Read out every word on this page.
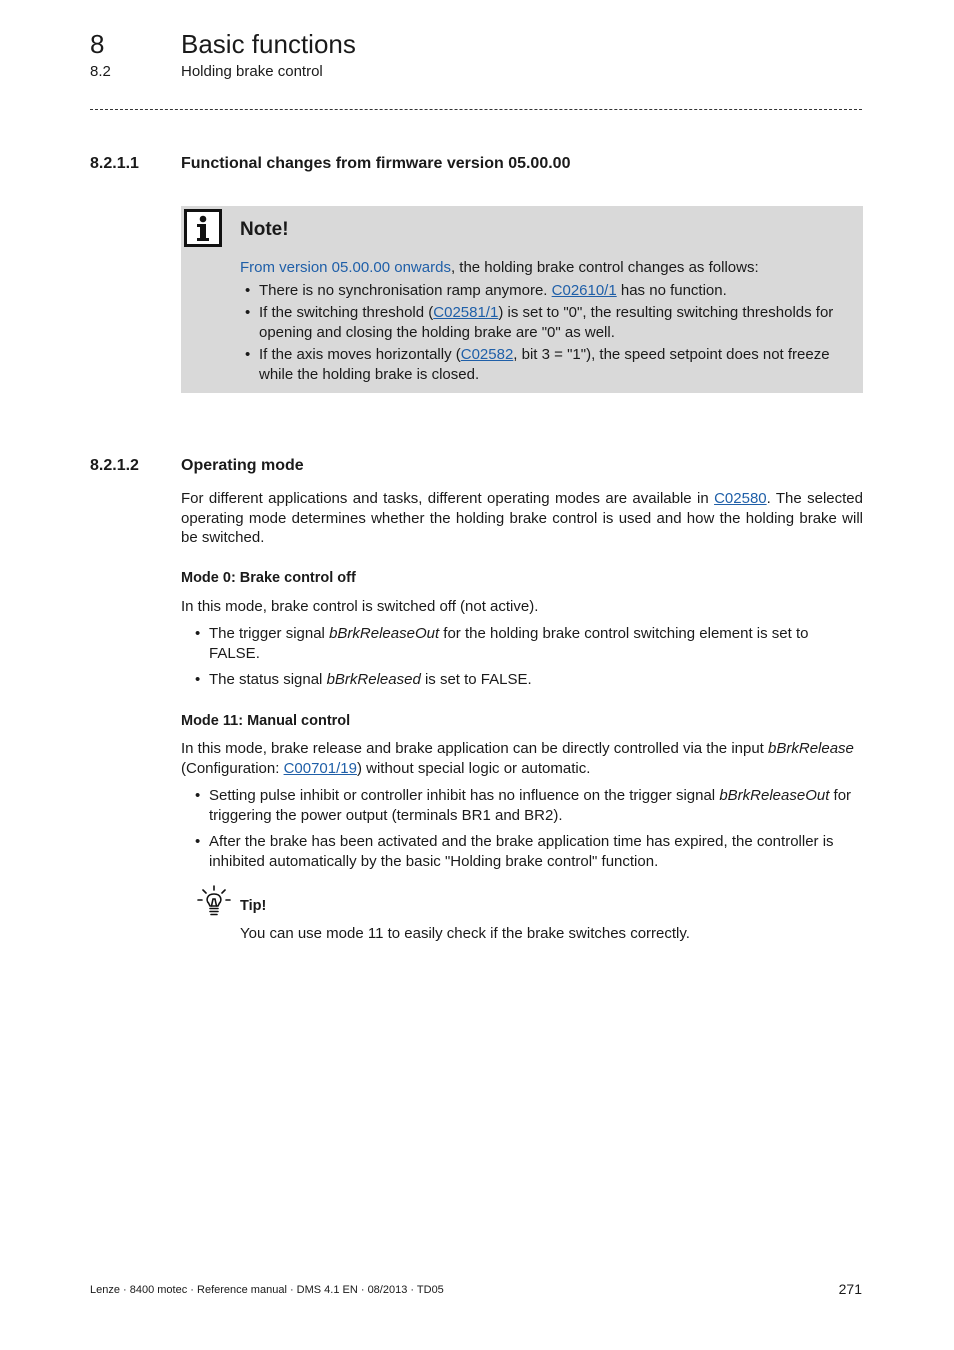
8	Basic functions
8.2	Holding brake control
8.2.1.1	Functional changes from firmware version 05.00.00
Note!
From version 05.00.00 onwards, the holding brake control changes as follows:
• There is no synchronisation ramp anymore. C02610/1 has no function.
• If the switching threshold (C02581/1) is set to "0", the resulting switching thresholds for opening and closing the holding brake are "0" as well.
• If the axis moves horizontally (C02582, bit 3 = "1"), the speed setpoint does not freeze while the holding brake is closed.
8.2.1.2	Operating mode
For different applications and tasks, different operating modes are available in C02580. The selected operating mode determines whether the holding brake control is used and how the holding brake will be switched.
Mode 0: Brake control off
In this mode, brake control is switched off (not active).
• The trigger signal bBrkReleaseOut for the holding brake control switching element is set to FALSE.
• The status signal bBrkReleased is set to FALSE.
Mode 11: Manual control
In this mode, brake release and brake application can be directly controlled via the input bBrkRelease (Configuration: C00701/19) without special logic or automatic.
• Setting pulse inhibit or controller inhibit has no influence on the trigger signal bBrkReleaseOut for triggering the power output (terminals BR1 and BR2).
• After the brake has been activated and the brake application time has expired, the controller is inhibited automatically by the basic "Holding brake control" function.
Tip!
You can use mode 11 to easily check if the brake switches correctly.
Lenze · 8400 motec · Reference manual · DMS 4.1 EN · 08/2013 · TD05	271
